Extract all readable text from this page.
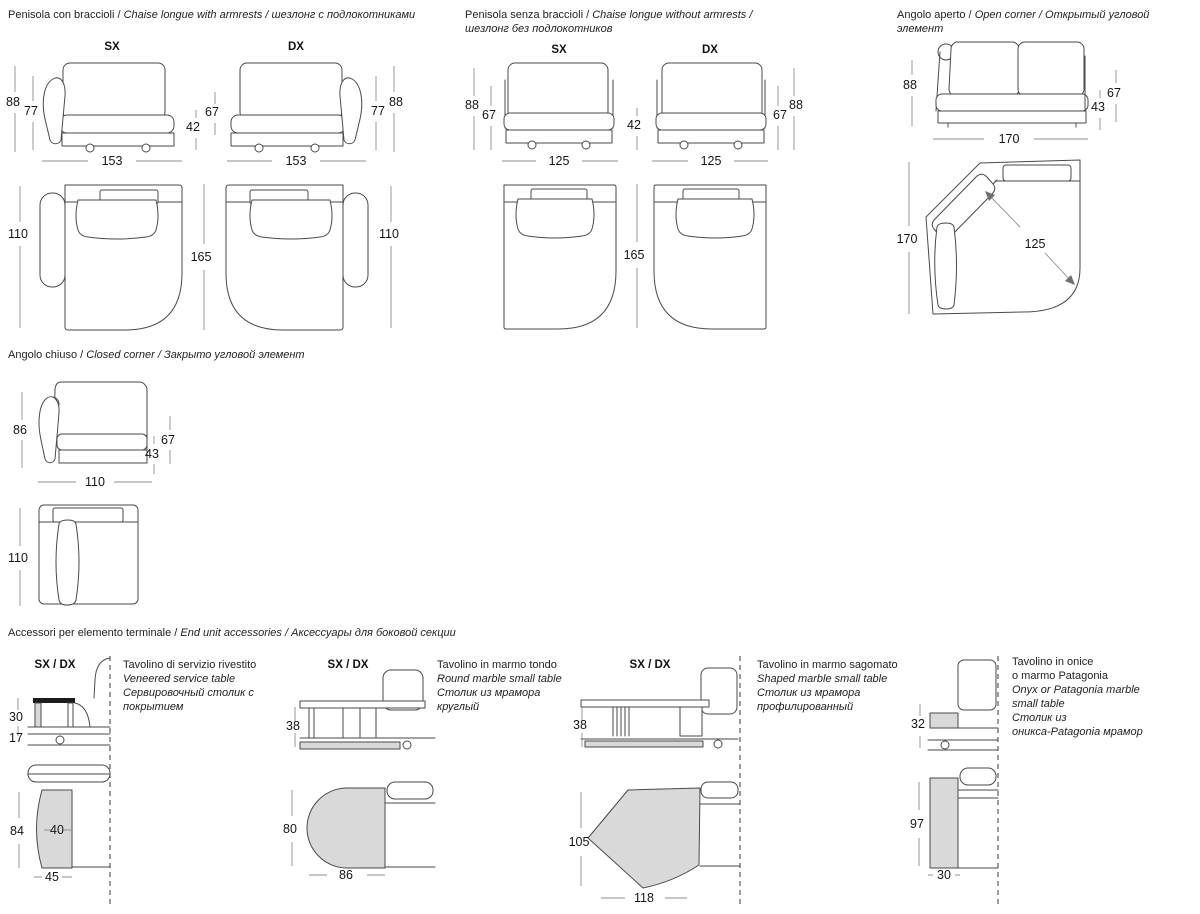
Penisola con braccioli / Chaise longue with armrests / шезлонг с подлокотниками
SX	DX
88
77
42
67	77
88
153	153
110
165
110
Penisola senza braccioli / Chaise longue without armrests / шезлонг без подлокотников
SX	DX
88
67
42
67
88
125	125
165
Angolo aperto / Open corner / Открытый угловой элемент
88
67
43
170
125
170
Angolo chiuso / Closed corner / Закрыто угловой элемент
86
67
43
110
110
Accessori per elemento terminale / End unit accessories / Аксессуары для боковой секции
SX / DX
30
17
40
84
45
Tavolino di servizio rivestito
Veneered service table
Сервировочный столик с
покрытием
SX / DX
38
80
86
Tavolino in marmo tondo
Round marble small table
Столик из мрамора
круглый
SX / DX
38
105
118
Tavolino in marmo sagomato
Shaped marble small table
Столик из мрамора
профилированный
32
97
30
Tavolino in onice
o marmo Patagonia
Onyx or Patagonia marble
small table
Столик из
оникса-Patagonia мрамор
